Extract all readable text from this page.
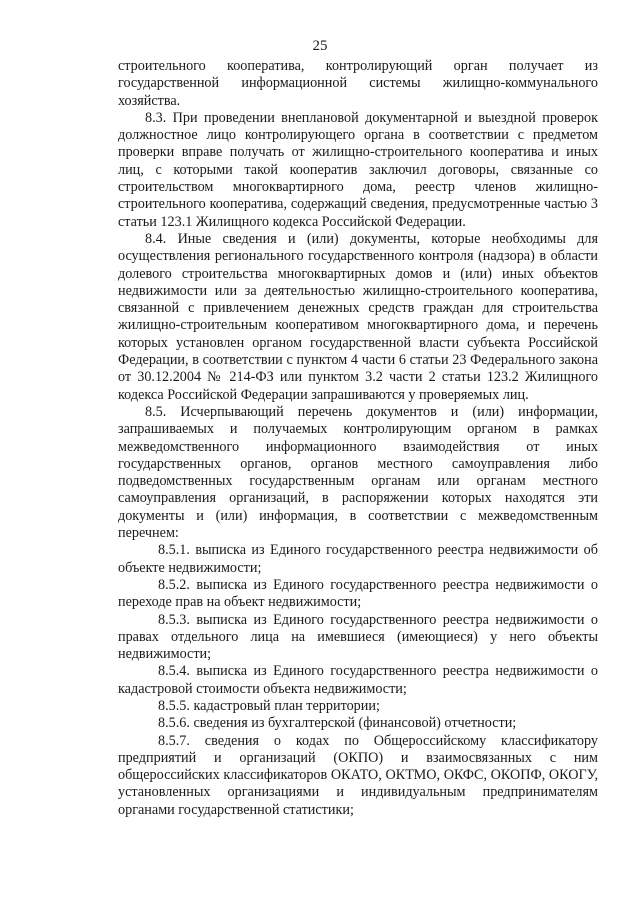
25

строительного кооператива, контролирующий орган получает из государственной информационной системы жилищно-коммунального хозяйства.

8.3. При проведении внеплановой документарной и выездной проверок должностное лицо контролирующего органа в соответствии с предметом проверки вправе получать от жилищно-строительного кооператива и иных лиц, с которыми такой кооператив заключил договоры, связанные со строительством многоквартирного дома, реестр членов жилищно-строительного кооператива, содержащий сведения, предусмотренные частью 3 статьи 123.1 Жилищного кодекса Российской Федерации.

8.4. Иные сведения и (или) документы, которые необходимы для осуществления регионального государственного контроля (надзора) в области долевого строительства многоквартирных домов и (или) иных объектов недвижимости или за деятельностью жилищно-строительного кооператива, связанной с привлечением денежных средств граждан для строительства жилищно-строительным кооперативом многоквартирного дома, и перечень которых установлен органом государственной власти субъекта Российской Федерации, в соответствии с пунктом 4 части 6 статьи 23 Федерального закона от 30.12.2004 № 214-ФЗ или пунктом 3.2 части 2 статьи 123.2 Жилищного кодекса Российской Федерации запрашиваются у проверяемых лиц.

8.5. Исчерпывающий перечень документов и (или) информации, запрашиваемых и получаемых контролирующим органом в рамках межведомственного информационного взаимодействия от иных государственных органов, органов местного самоуправления либо подведомственных государственным органам или органам местного самоуправления организаций, в распоряжении которых находятся эти документы и (или) информация, в соответствии с межведомственным перечнем:

8.5.1. выписка из Единого государственного реестра недвижимости об объекте недвижимости;

8.5.2. выписка из Единого государственного реестра недвижимости о переходе прав на объект недвижимости;

8.5.3. выписка из Единого государственного реестра недвижимости о правах отдельного лица на имевшиеся (имеющиеся) у него объекты недвижимости;

8.5.4. выписка из Единого государственного реестра недвижимости о кадастровой стоимости объекта недвижимости;

8.5.5. кадастровый план территории;

8.5.6. сведения из бухгалтерской (финансовой) отчетности;

8.5.7. сведения о кодах по Общероссийскому классификатору предприятий и организаций (ОКПО) и взаимосвязанных с ним общероссийских классификаторов ОКАТО, ОКТМО, ОКФС, ОКОПФ, ОКОГУ, установленных организациями и индивидуальным предпринимателям органами государственной статистики;
